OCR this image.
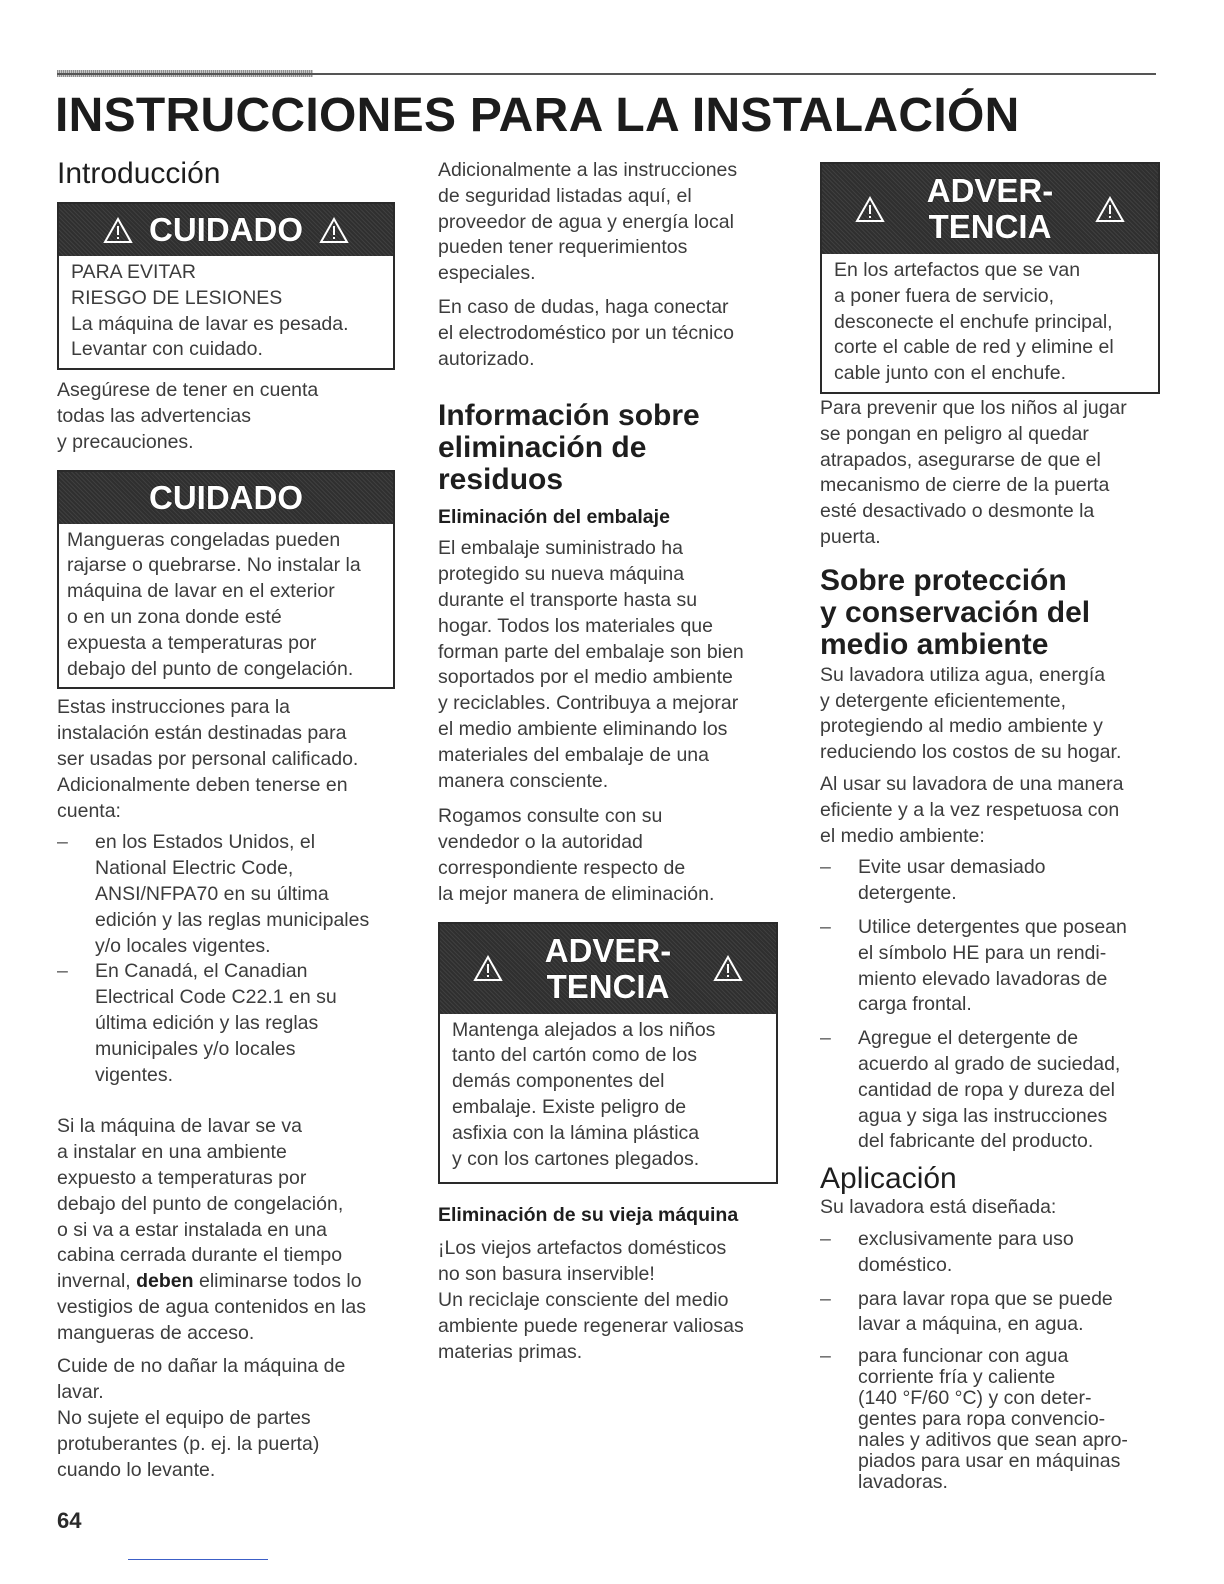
INSTRUCCIONES PARA LA INSTALACIÓN
Introducción
CUIDADO

PARA EVITAR

RIESGO DE LESIONES

La máquina de lavar es pesada.

Levantar con cuidado.

Asegúrese de tener en cuenta

todas las advertencias

y precauciones.

CUIDADO

Mangueras congeladas pueden

rajarse o quebrarse. No instalar la

máquina de lavar en el exterior

o en un zona donde esté

expuesta a temperaturas por

debajo del punto de congelación.

Estas instrucciones para la

instalación están destinadas para

ser usadas por personal calificado.

Adicionalmente deben tenerse en

cuenta:

– en los Estados Unidos, el
National Electric Code,
ANSI/NFPA70 en su última
edición y las reglas municipales
y/o locales vigentes.
– En Canadá, el Canadian
Electrical Code C22.1 en su
última edición y las reglas
municipales y/o locales
vigentes.

Si la máquina de lavar se va

a instalar en una ambiente

expuesto a temperaturas por

debajo del punto de congelación,

o si va a estar instalada en una

cabina cerrada durante el tiempo

invernal, deben eliminarse todos lo

vestigios de agua contenidos en las

mangueras de acceso.

Cuide de no dañar la máquina de

lavar.

No sujete el equipo de partes

protuberantes (p. ej. la puerta)

cuando lo levante.

Adicionalmente a las instrucciones

de seguridad listadas aquí, el

proveedor de agua y energía local

pueden tener requerimientos

especiales.

En caso de dudas, haga conectar

el electrodoméstico por un técnico

autorizado.

Información sobre
eliminación de
residuos
Eliminación del embalaje

El embalaje suministrado ha

protegido su nueva máquina

durante el transporte hasta su

hogar. Todos los materiales que

forman parte del embalaje son bien

soportados por el medio ambiente

y reciclables. Contribuya a mejorar

el medio ambiente eliminando los

materiales del embalaje de una

manera consciente.

Rogamos consulte con su

vendedor o la autoridad

correspondiente respecto de

la mejor manera de eliminación.

ADVER-
TENCIA

Mantenga alejados a los niños

tanto del cartón como de los

demás componentes del

embalaje. Existe peligro de

asfixia con la lámina plástica

y con los cartones plegados.

Eliminación de su vieja máquina

¡Los viejos artefactos domésticos

no son basura inservible!

Un reciclaje consciente del medio

ambiente puede regenerar valiosas

materias primas.

ADVER-
TENCIA

En los artefactos que se van

a poner fuera de servicio,

desconecte el enchufe principal,

corte el cable de red y elimine el

cable junto con el enchufe.

Para prevenir que los niños al jugar

se pongan en peligro al quedar

atrapados, asegurarse de que el

mecanismo de cierre de la puerta

esté desactivado o desmonte la

puerta.

Sobre protección
y conservación del
medio ambiente

Su lavadora utiliza agua, energía

y detergente eficientemente,

protegiendo al medio ambiente y

reduciendo los costos de su hogar.

Al usar su lavadora de una manera

eficiente y a la vez respetuosa con

el medio ambiente:

– Evite usar demasiado
detergente.
– Utilice detergentes que posean
el símbolo HE para un rendi-
miento elevado lavadoras de
carga frontal.
– Agregue el detergente de
acuerdo al grado de suciedad,
cantidad de ropa y dureza del
agua y siga las instrucciones
del fabricante del producto.
Aplicación

Su lavadora está diseñada:

– exclusivamente para uso
doméstico.
– para lavar ropa que se puede
lavar a máquina, en agua.
– para funcionar con agua
corriente fría y caliente
(140 °F/60 °C) y con deter-
gentes para ropa convencio-
nales y aditivos que sean apro-
piados para usar en máquinas
lavadoras.

64
